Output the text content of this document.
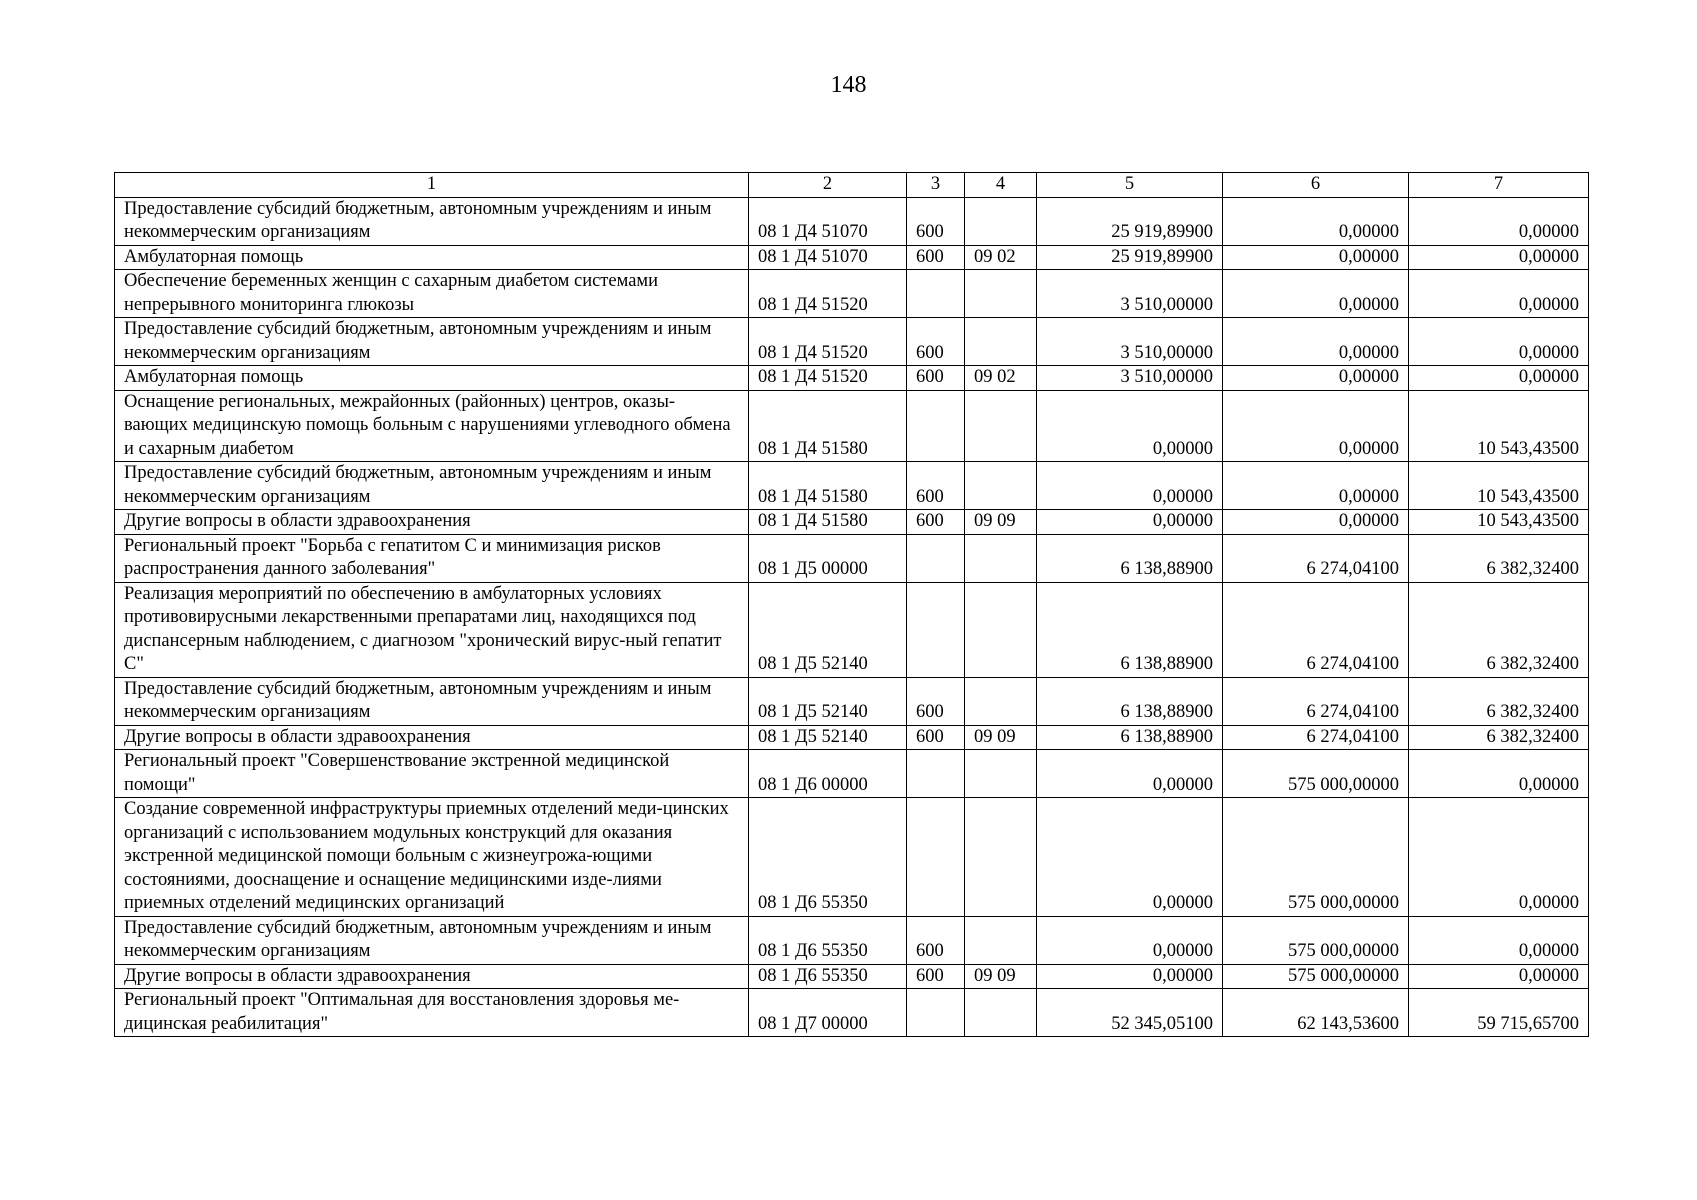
148
1	2	3	4	5	6	7
Предоставление субсидий бюджетным, автономным учреждениям и иным некоммерческим организациям	08 1 Д4 51070	600		25 919,89900	0,00000	0,00000
Амбулаторная помощь	08 1 Д4 51070	600	09 02	25 919,89900	0,00000	0,00000
Обеспечение беременных женщин с сахарным диабетом системами непрерывного мониторинга глюкозы	08 1 Д4 51520			3 510,00000	0,00000	0,00000
Предоставление субсидий бюджетным, автономным учреждениям и иным некоммерческим организациям	08 1 Д4 51520	600		3 510,00000	0,00000	0,00000
Амбулаторная помощь	08 1 Д4 51520	600	09 02	3 510,00000	0,00000	0,00000
Оснащение региональных, межрайонных (районных) центров, оказы-вающих медицинскую помощь больным с нарушениями углеводного обмена и сахарным диабетом	08 1 Д4 51580			0,00000	0,00000	10 543,43500
Предоставление субсидий бюджетным, автономным учреждениям и иным некоммерческим организациям	08 1 Д4 51580	600		0,00000	0,00000	10 543,43500
Другие вопросы в области здравоохранения	08 1 Д4 51580	600	09 09	0,00000	0,00000	10 543,43500
Региональный проект "Борьба с гепатитом С и минимизация рисков распространения данного заболевания"	08 1 Д5 00000			6 138,88900	6 274,04100	6 382,32400
Реализация мероприятий по обеспечению в амбулаторных условиях противовирусными лекарственными препаратами лиц, находящихся под диспансерным наблюдением, с диагнозом "хронический вирус-ный гепатит С"	08 1 Д5 52140			6 138,88900	6 274,04100	6 382,32400
Предоставление субсидий бюджетным, автономным учреждениям и иным некоммерческим организациям	08 1 Д5 52140	600		6 138,88900	6 274,04100	6 382,32400
Другие вопросы в области здравоохранения	08 1 Д5 52140	600	09 09	6 138,88900	6 274,04100	6 382,32400
Региональный проект "Совершенствование экстренной медицинской помощи"	08 1 Д6 00000			0,00000	575 000,00000	0,00000
Создание современной инфраструктуры приемных отделений меди-цинских организаций с использованием модульных конструкций для оказания экстренной медицинской помощи больным с жизнеугрожа-ющими состояниями, дооснащение и оснащение медицинскими изде-лиями приемных отделений медицинских организаций	08 1 Д6 55350			0,00000	575 000,00000	0,00000
Предоставление субсидий бюджетным, автономным учреждениям и иным некоммерческим организациям	08 1 Д6 55350	600		0,00000	575 000,00000	0,00000
Другие вопросы в области здравоохранения	08 1 Д6 55350	600	09 09	0,00000	575 000,00000	0,00000
Региональный проект "Оптимальная для восстановления здоровья ме-дицинская реабилитация"	08 1 Д7 00000			52 345,05100	62 143,53600	59 715,65700
